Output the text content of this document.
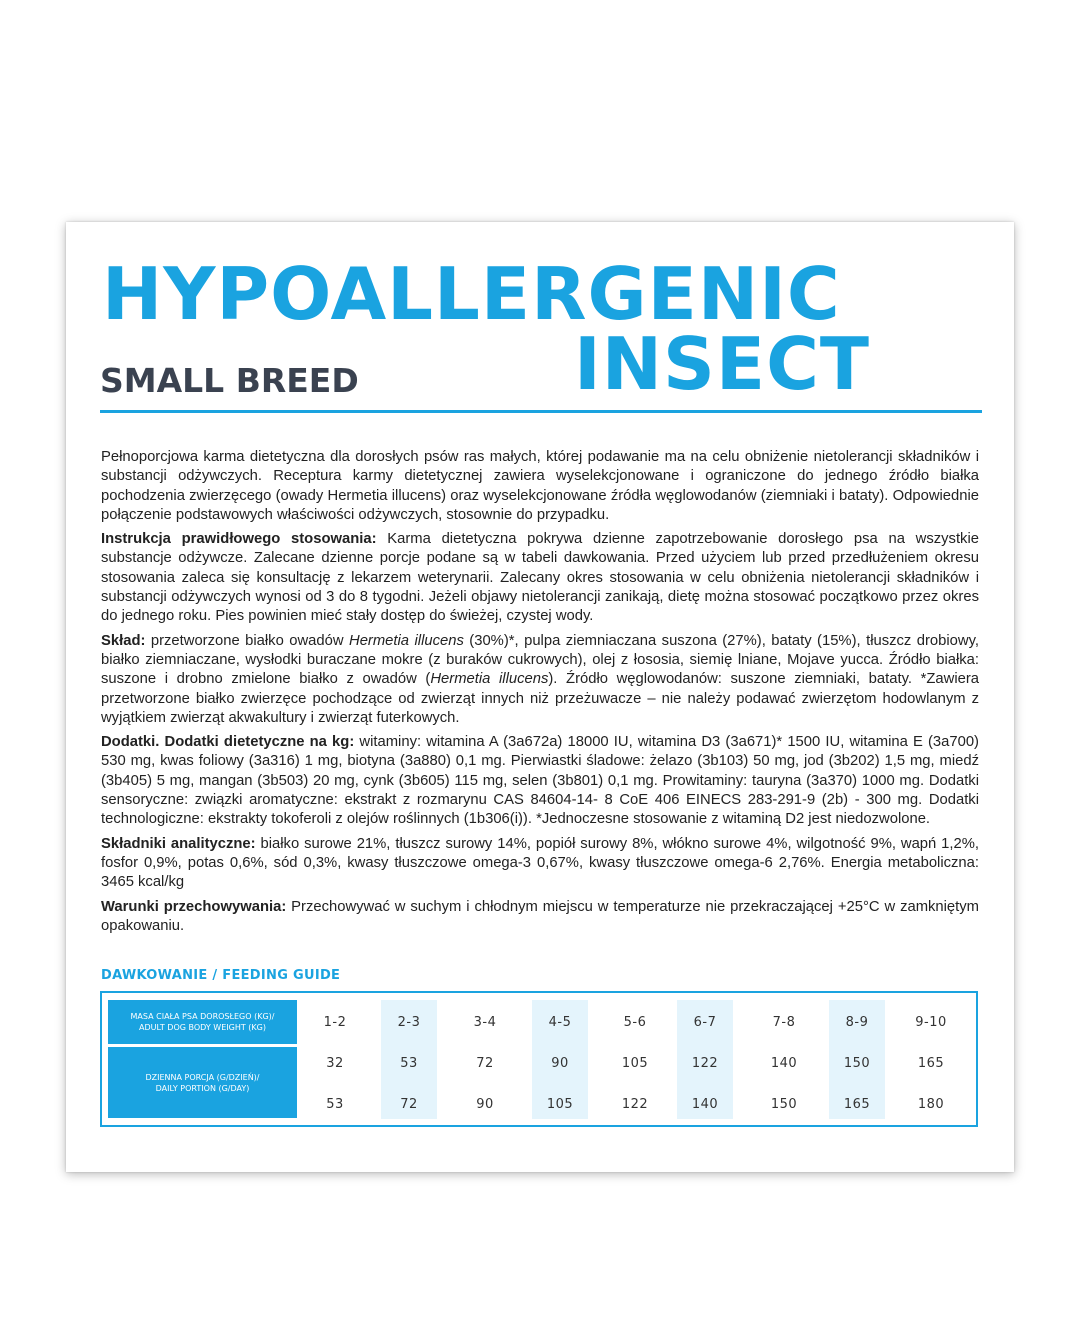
HYPOALLERGENIC
INSECT
SMALL BREED

Pełnoporcjowa karma dietetyczna dla dorosłych psów ras małych, której podawanie ma na celu obniżenie nietolerancji składników i substancji odżywczych. Receptura karmy dietetycznej zawiera wyselekcjonowane i ograniczone do jednego źródło białka pochodzenia zwierzęcego (owady Hermetia illucens) oraz wyselekcjonowane źródła węglowodanów (ziemniaki i bataty). Odpowiednie połączenie podstawowych właściwości odżywczych, stosownie do przypadku.

Instrukcja prawidłowego stosowania: Karma dietetyczna pokrywa dzienne zapotrzebowanie dorosłego psa na wszystkie substancje odżywcze. Zalecane dzienne porcje podane są w tabeli dawkowania. Przed użyciem lub przed przedłużeniem okresu stosowania zaleca się konsultację z lekarzem weterynarii. Zalecany okres stosowania w celu obniżenia nietolerancji składników i substancji odżywczych wynosi od 3 do 8 tygodni. Jeżeli objawy nietolerancji zanikają, dietę można stosować początkowo przez okres do jednego roku. Pies powinien mieć stały dostęp do świeżej, czystej wody.

Skład: przetworzone białko owadów Hermetia illucens (30%)*, pulpa ziemniaczana suszona (27%), bataty (15%), tłuszcz drobiowy, białko ziemniaczane, wysłodki buraczane mokre (z buraków cukrowych), olej z łososia, siemię lniane, Mojave yucca. Źródło białka: suszone i drobno zmielone białko z owadów (Hermetia illucens). Źródło węglowodanów: suszone ziemniaki, bataty. *Zawiera przetworzone białko zwierzęce pochodzące od zwierząt innych niż przeżuwacze – nie należy podawać zwierzętom hodowlanym z wyjątkiem zwierząt akwakultury i zwierząt futerkowych.

Dodatki. Dodatki dietetyczne na kg: witaminy: witamina A (3a672a) 18000 IU, witamina D3 (3a671)* 1500 IU, witamina E (3a700) 530 mg, kwas foliowy (3a316) 1 mg, biotyna (3a880) 0,1 mg. Pierwiastki śladowe: żelazo (3b103) 50 mg, jod (3b202) 1,5 mg, miedź (3b405) 5 mg, mangan (3b503) 20 mg, cynk (3b605) 115 mg, selen (3b801) 0,1 mg. Prowitaminy: tauryna (3a370) 1000 mg. Dodatki sensoryczne: związki aromatyczne: ekstrakt z rozmarynu CAS 84604-14- 8 CoE 406 EINECS 283-291-9 (2b) - 300 mg. Dodatki technologiczne: ekstrakty tokoferoli z olejów roślinnych (1b306(i)). *Jednoczesne stosowanie z witaminą D2 jest niedozwolone.

Składniki analityczne: białko surowe 21%, tłuszcz surowy 14%, popiół surowy 8%, włókno surowe 4%, wilgotność 9%, wapń 1,2%, fosfor 0,9%, potas 0,6%, sód 0,3%, kwasy tłuszczowe omega-3 0,67%, kwasy tłuszczowe omega-6 2,76%. Energia metaboliczna: 3465 kcal/kg

Warunki przechowywania: Przechowywać w suchym i chłodnym miejscu w temperaturze nie przekraczającej +25°C w zamkniętym opakowaniu.

DAWKOWANIE / FEEDING GUIDE
MASA CIAŁA PSA DOROSŁEGO (KG)/
ADULT DOG BODY WEIGHT (KG)
DZIENNA PORCJA (G/DZIEŃ)/
DAILY PORTION (G/DAY)
1-2	2-3	3-4	4-5	5-6	6-7	7-8	8-9	9-10
32	53	72	90	105	122	140	150	165
53	72	90	105	122	140	150	165	180
